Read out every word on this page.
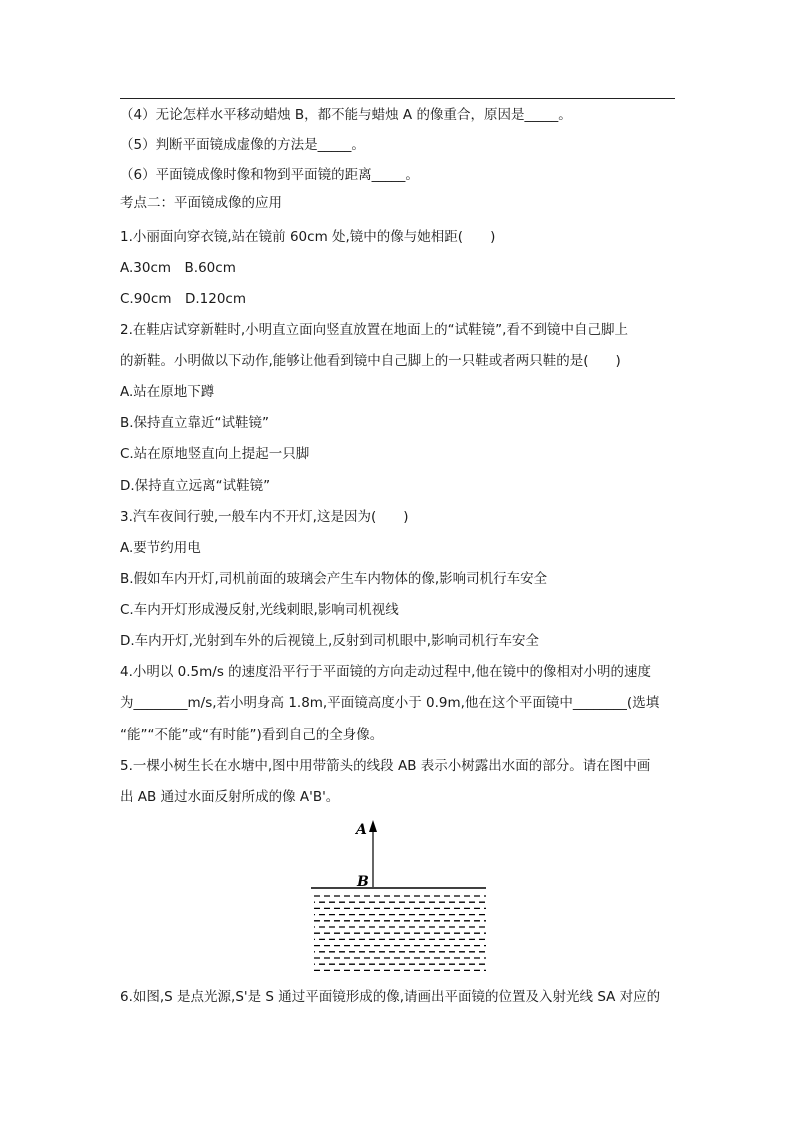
（4）无论怎样水平移动蜡烛 B，都不能与蜡烛 A 的像重合，原因是_____。
（5）判断平面镜成虚像的方法是_____。
（6）平面镜成像时像和物到平面镜的距离_____。
考点二：平面镜成像的应用
1.小丽面向穿衣镜,站在镜前 60cm 处,镜中的像与她相距(　　)
A.30cm　B.60cm
C.90cm　D.120cm
2.在鞋店试穿新鞋时,小明直立面向竖直放置在地面上的“试鞋镜”,看不到镜中自己脚上
的新鞋。小明做以下动作,能够让他看到镜中自己脚上的一只鞋或者两只鞋的是(　　)
A.站在原地下蹲
B.保持直立靠近“试鞋镜”
C.站在原地竖直向上提起一只脚
D.保持直立远离“试鞋镜”
3.汽车夜间行驶,一般车内不开灯,这是因为(　　)
A.要节约用电
B.假如车内开灯,司机前面的玻璃会产生车内物体的像,影响司机行车安全
C.车内开灯形成漫反射,光线刺眼,影响司机视线
D.车内开灯,光射到车外的后视镜上,反射到司机眼中,影响司机行车安全
4.小明以 0.5m/s 的速度沿平行于平面镜的方向走动过程中,他在镜中的像相对小明的速度
为________m/s,若小明身高 1.8m,平面镜高度小于 0.9m,他在这个平面镜中________(选填
“能”“不能”或“有时能”)看到自己的全身像。
5.一棵小树生长在水塘中,图中用带箭头的线段 AB 表示小树露出水面的部分。请在图中画
出 AB 通过水面反射所成的像 A'B'。
A
B
6.如图,S 是点光源,S'是 S 通过平面镜形成的像,请画出平面镜的位置及入射光线 SA 对应的
